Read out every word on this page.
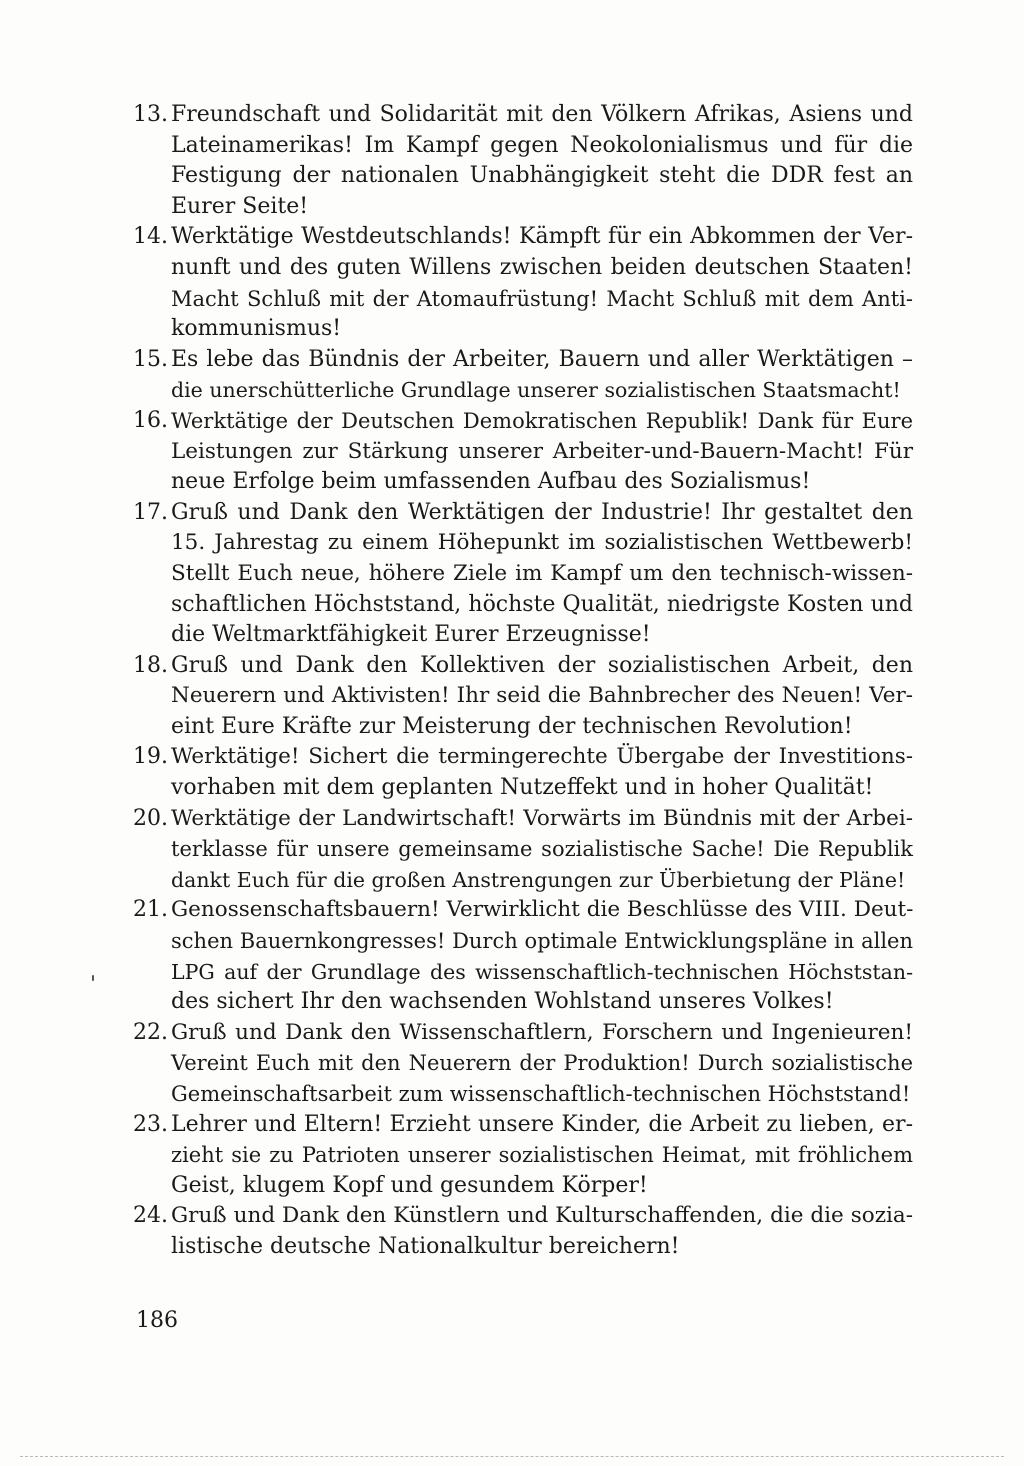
13. Freundschaft und Solidarität mit den Völkern Afrikas, Asiens und
Lateinamerikas! Im Kampf gegen Neokolonialismus und für die
Festigung der nationalen Unabhängigkeit steht die DDR fest an
Eurer Seite!
14. Werktätige Westdeutschlands! Kämpft für ein Abkommen der Ver-
nunft und des guten Willens zwischen beiden deutschen Staaten!
Macht Schluß mit der Atomaufrüstung! Macht Schluß mit dem Anti-
kommunismus!
15. Es lebe das Bündnis der Arbeiter, Bauern und aller Werktätigen –
die unerschütterliche Grundlage unserer sozialistischen Staatsmacht!
16. Werktätige der Deutschen Demokratischen Republik! Dank für Eure
Leistungen zur Stärkung unserer Arbeiter-und-Bauern-Macht! Für
neue Erfolge beim umfassenden Aufbau des Sozialismus!
17. Gruß und Dank den Werktätigen der Industrie! Ihr gestaltet den
15. Jahrestag zu einem Höhepunkt im sozialistischen Wettbewerb!
Stellt Euch neue, höhere Ziele im Kampf um den technisch-wissen-
schaftlichen Höchststand, höchste Qualität, niedrigste Kosten und
die Weltmarktfähigkeit Eurer Erzeugnisse!
18. Gruß und Dank den Kollektiven der sozialistischen Arbeit, den
Neuerern und Aktivisten! Ihr seid die Bahnbrecher des Neuen! Ver-
eint Eure Kräfte zur Meisterung der technischen Revolution!
19. Werktätige! Sichert die termingerechte Übergabe der Investitions-
vorhaben mit dem geplanten Nutzeffekt und in hoher Qualität!
20. Werktätige der Landwirtschaft! Vorwärts im Bündnis mit der Arbei-
terklasse für unsere gemeinsame sozialistische Sache! Die Republik
dankt Euch für die großen Anstrengungen zur Überbietung der Pläne!
21. Genossenschaftsbauern! Verwirklicht die Beschlüsse des VIII. Deut-
schen Bauernkongresses! Durch optimale Entwicklungspläne in allen
LPG auf der Grundlage des wissenschaftlich-technischen Höchststan-
des sichert Ihr den wachsenden Wohlstand unseres Volkes!
22. Gruß und Dank den Wissenschaftlern, Forschern und Ingenieuren!
Vereint Euch mit den Neuerern der Produktion! Durch sozialistische
Gemeinschaftsarbeit zum wissenschaftlich-technischen Höchststand!
23. Lehrer und Eltern! Erzieht unsere Kinder, die Arbeit zu lieben, er-
zieht sie zu Patrioten unserer sozialistischen Heimat, mit fröhlichem
Geist, klugem Kopf und gesundem Körper!
24. Gruß und Dank den Künstlern und Kulturschaffenden, die die sozia-
listische deutsche Nationalkultur bereichern!
186
